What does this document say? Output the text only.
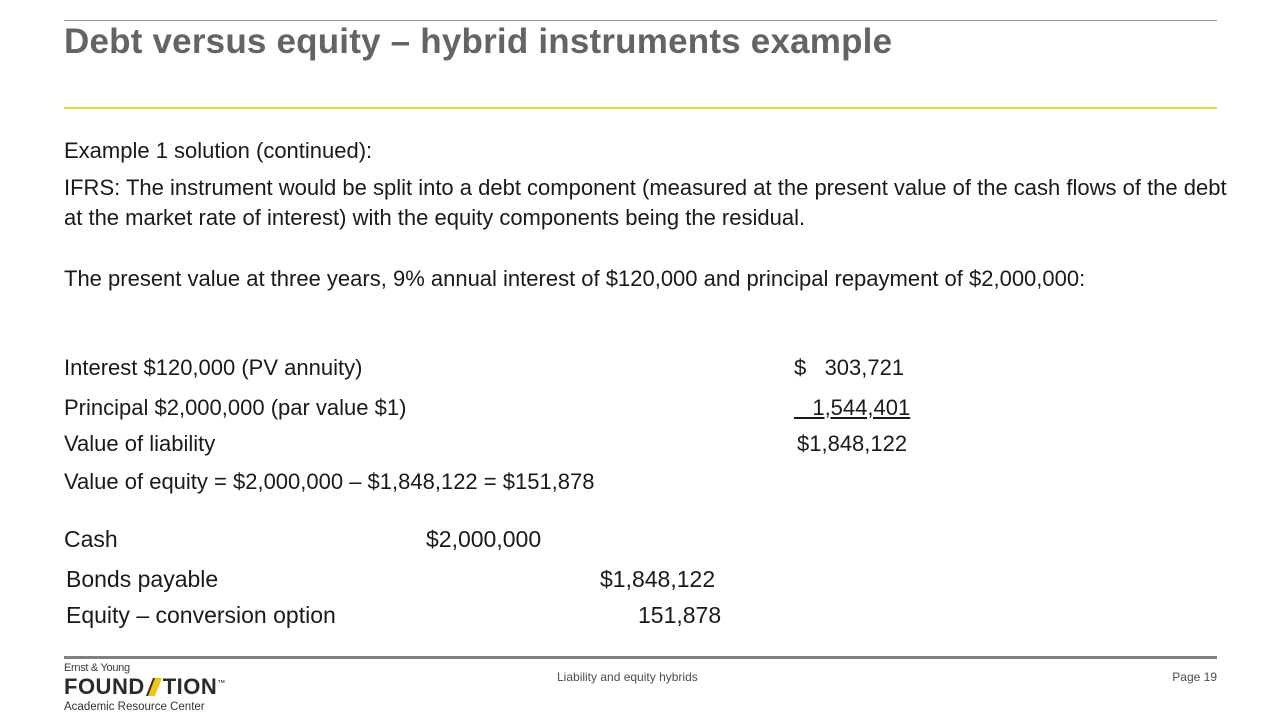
Debt versus equity – hybrid instruments example
Example 1 solution (continued):
IFRS: The instrument would be split into a debt component (measured at the present value of the cash flows of the debt at the market rate of interest) with the equity components being the residual.
The present value at three years, 9% annual interest of $120,000 and principal repayment of $2,000,000:
Interest $120,000 (PV annuity)	$   303,721
Principal $2,000,000 (par value $1)	1,544,401
Value of liability	$1,848,122
Value of equity = $2,000,000 – $1,848,122 = $151,878
Cash	$2,000,000
Bonds payable	$1,848,122
Equity – conversion option	151,878
Ernst & Young
FOUND TION™
Academic Resource Center
Liability and equity hybrids	Page 19
